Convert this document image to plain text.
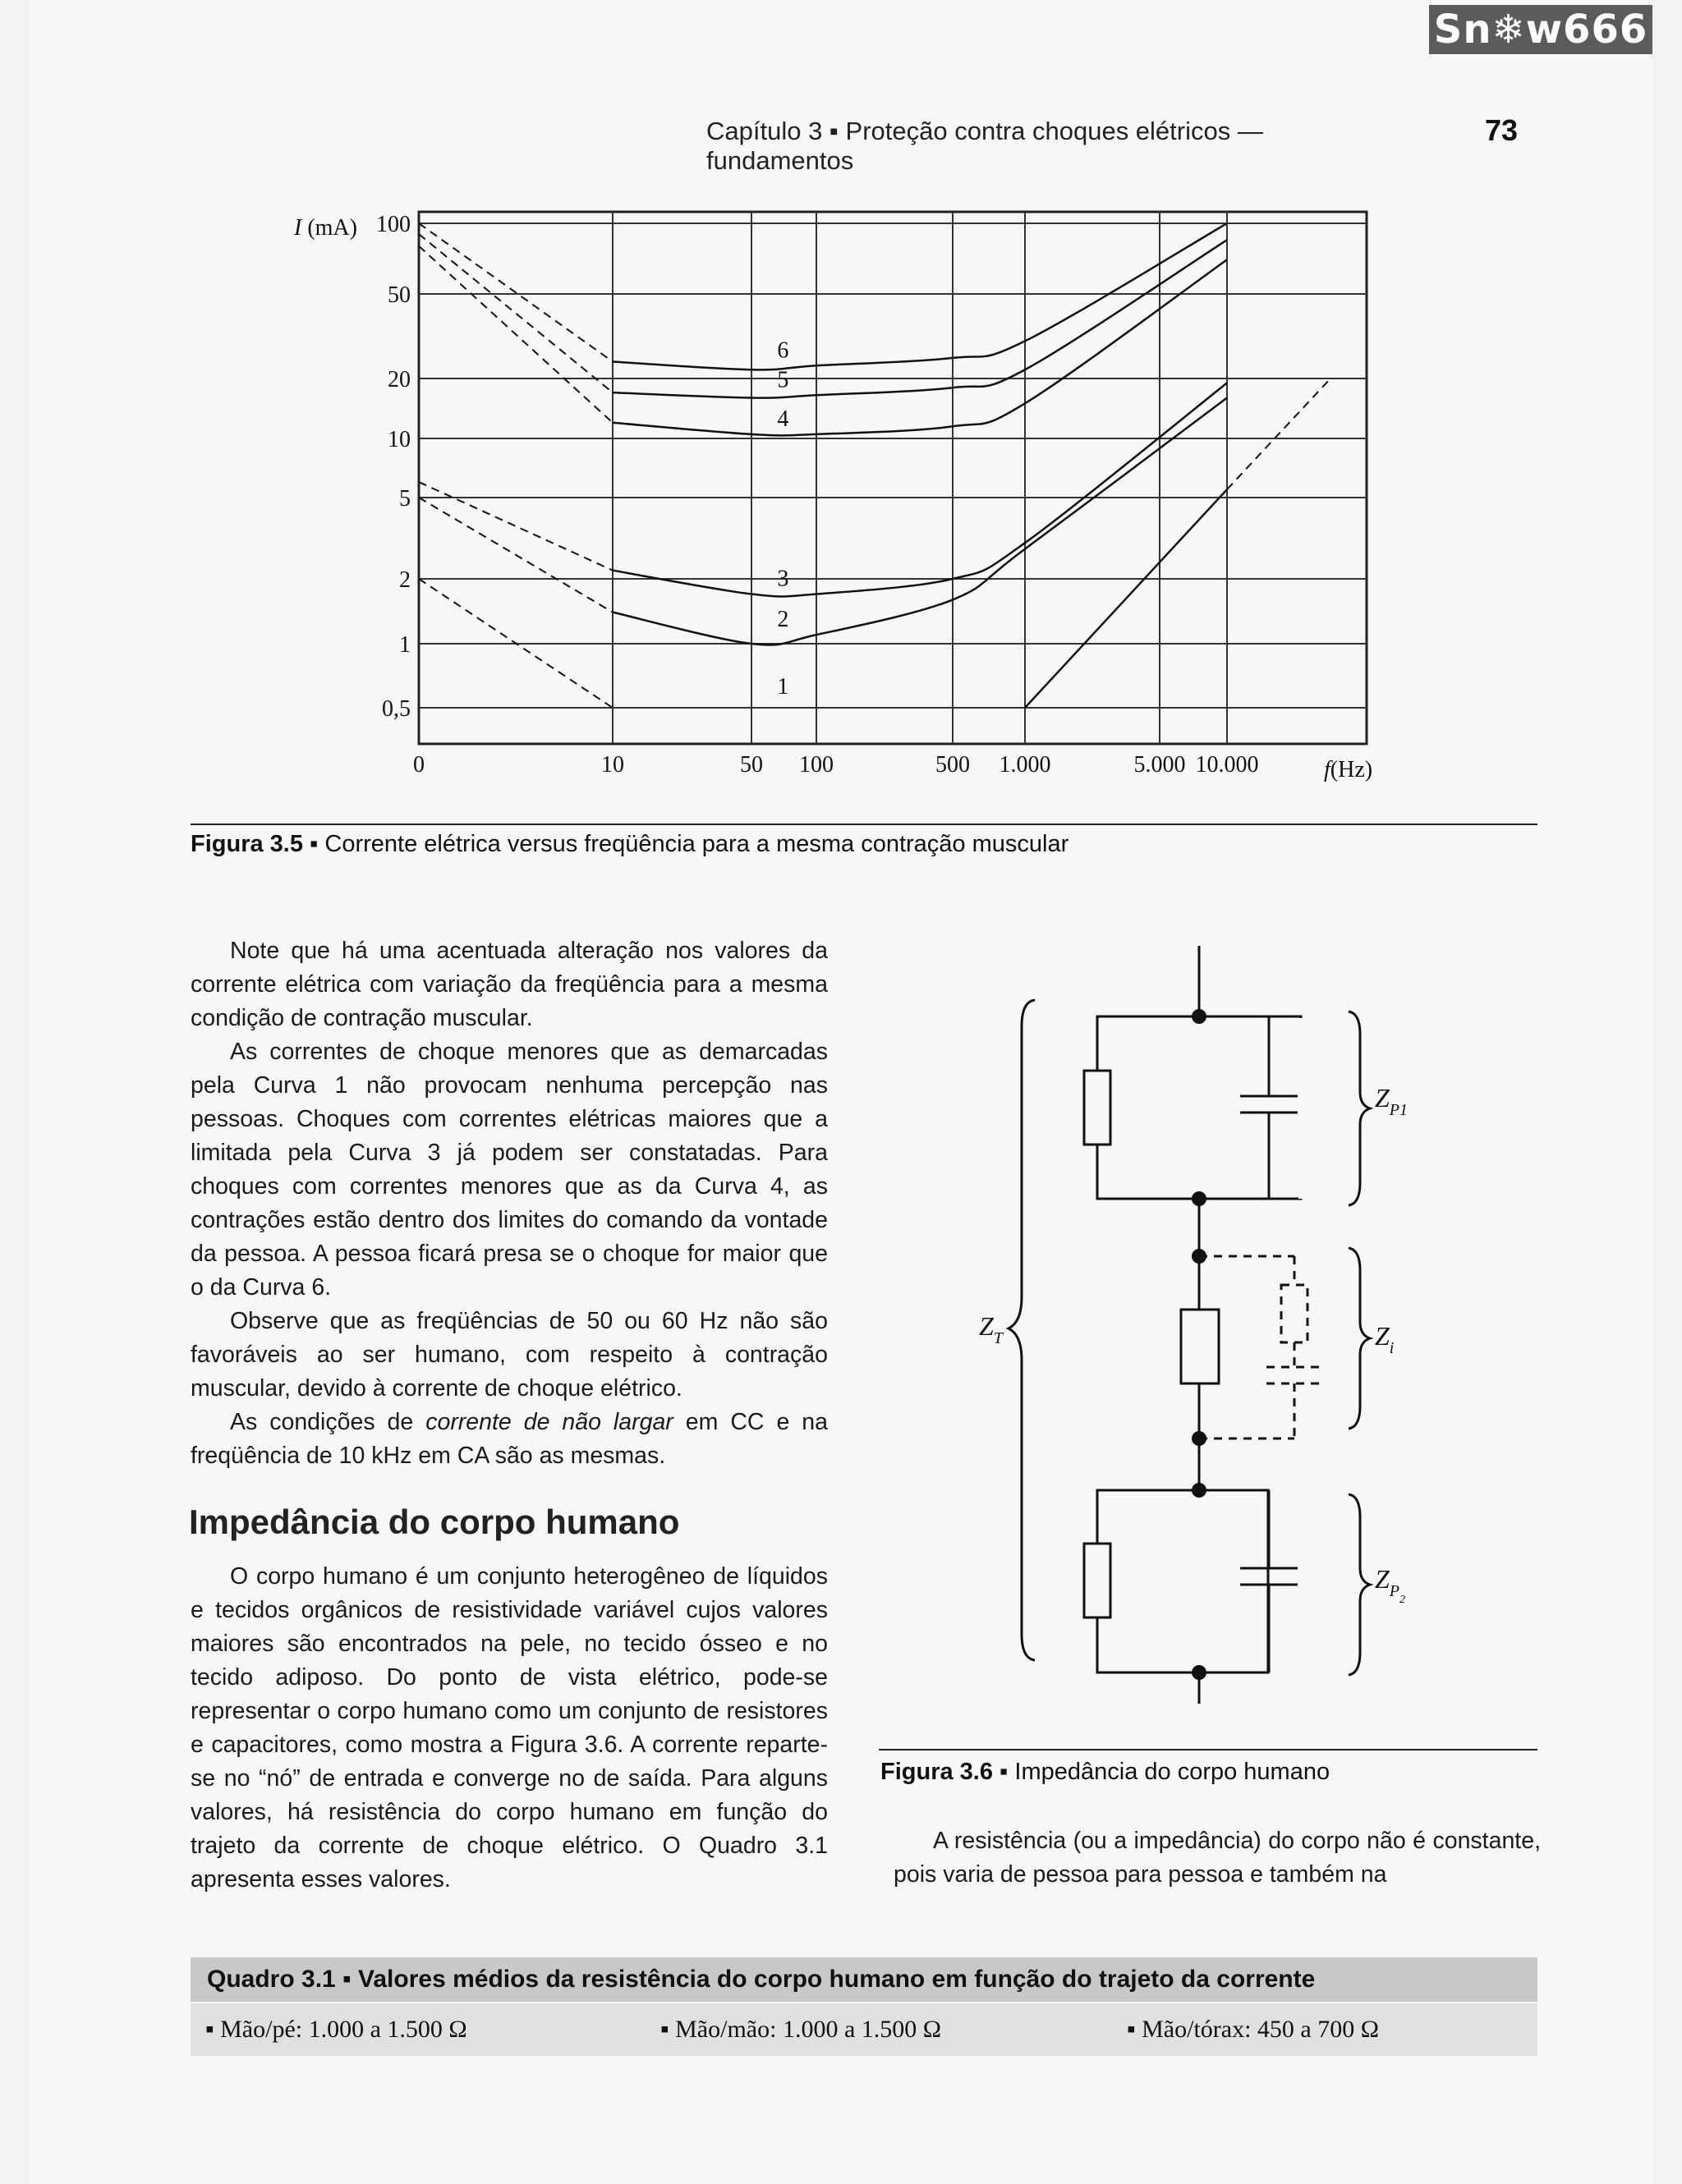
Sn❄w666
Capítulo 3 ▪ Proteção contra choques elétricos — fundamentos
73
0	10	50 100	500 1.000	5.000 10.000
100
50
20
10
5
2
1
0,5
1
2
3
4
5
6
I (mA)
f(Hz)
Figura 3.5 ▪ Corrente elétrica versus freqüência para a mesma contração muscular

Note que há uma acentuada alteração nos valores da corrente elétrica com variação da freqüência para a mesma condição de contração muscular.

As correntes de choque menores que as demarcadas pela Curva 1 não provocam nenhuma percepção nas pessoas. Choques com correntes elétricas maiores que a limitada pela Curva 3 já podem ser constatadas. Para choques com correntes menores que as da Curva 4, as contrações estão dentro dos limites do comando da vontade da pessoa. A pessoa ficará presa se o choque for maior que o da Curva 6.

Observe que as freqüências de 50 ou 60 Hz não são favoráveis ao ser humano, com respeito à contração muscular, devido à corrente de choque elétrico.

As condições de corrente de não largar em CC e na freqüência de 10 kHz em CA são as mesmas.

Impedância do corpo humano

O corpo humano é um conjunto heterogêneo de líquidos e tecidos orgânicos de resistividade variável cujos valores maiores são encontrados na pele, no tecido ósseo e no tecido adiposo. Do ponto de vista elétrico, pode-se representar o corpo humano como um conjunto de resistores e capacitores, como mostra a Figura 3.6. A corrente reparte-se no “nó” de entrada e converge no de saída. Para alguns valores, há resistência do corpo humano em função do trajeto da corrente de choque elétrico. O Quadro 3.1 apresenta esses valores.

$Z_T$
$Z_{P1}$
$Z_i$
$Z_{P2}$
Figura 3.6 ▪ Impedância do corpo humano
A resistência (ou a impedância) do corpo não é constante, pois varia de pessoa para pessoa e também na
Quadro 3.1 ▪ Valores médios da resistência do corpo humano em função do trajeto da corrente
▪ Mão/pé: 1.000 a 1.500 Ω	▪ Mão/mão: 1.000 a 1.500 Ω	▪ Mão/tórax: 450 a 700 Ω
